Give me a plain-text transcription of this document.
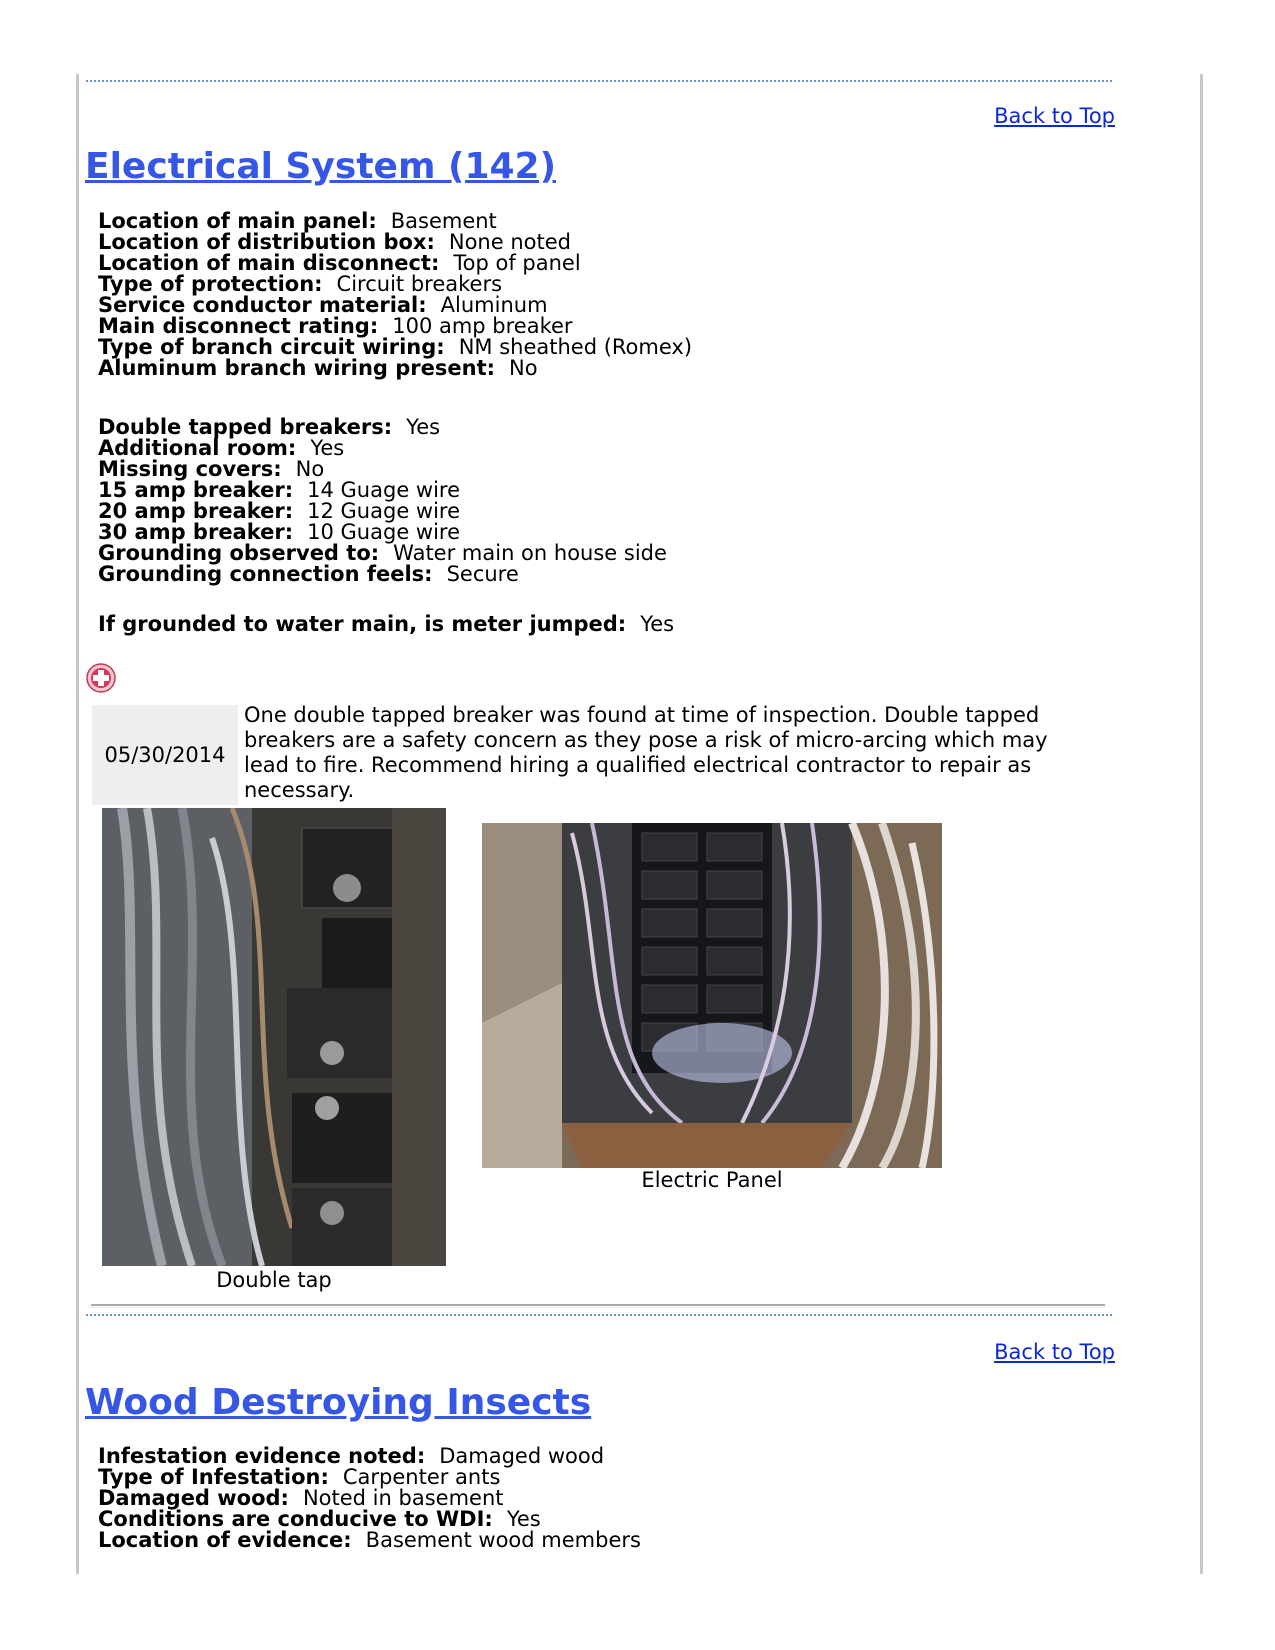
Back to Top
Electrical System (142)
Location of main panel: Basement
Location of distribution box: None noted
Location of main disconnect: Top of panel
Type of protection: Circuit breakers
Service conductor material: Aluminum
Main disconnect rating: 100 amp breaker
Type of branch circuit wiring: NM sheathed (Romex)
Aluminum branch wiring present: No
Double tapped breakers: Yes
Additional room: Yes
Missing covers: No
15 amp breaker: 14 Guage wire
20 amp breaker: 12 Guage wire
30 amp breaker: 10 Guage wire
Grounding observed to: Water main on house side
Grounding connection feels: Secure
If grounded to water main, is meter jumped: Yes
05/30/2014

One double tapped breaker was found at time of inspection. Double tapped breakers are a safety concern as they pose a risk of micro-arcing which may lead to fire. Recommend hiring a qualified electrical contractor to repair as necessary.

Double tap
Electric Panel
Back to Top
Wood Destroying Insects
Infestation evidence noted: Damaged wood
Type of Infestation: Carpenter ants
Damaged wood: Noted in basement
Conditions are conducive to WDI: Yes
Location of evidence: Basement wood members
